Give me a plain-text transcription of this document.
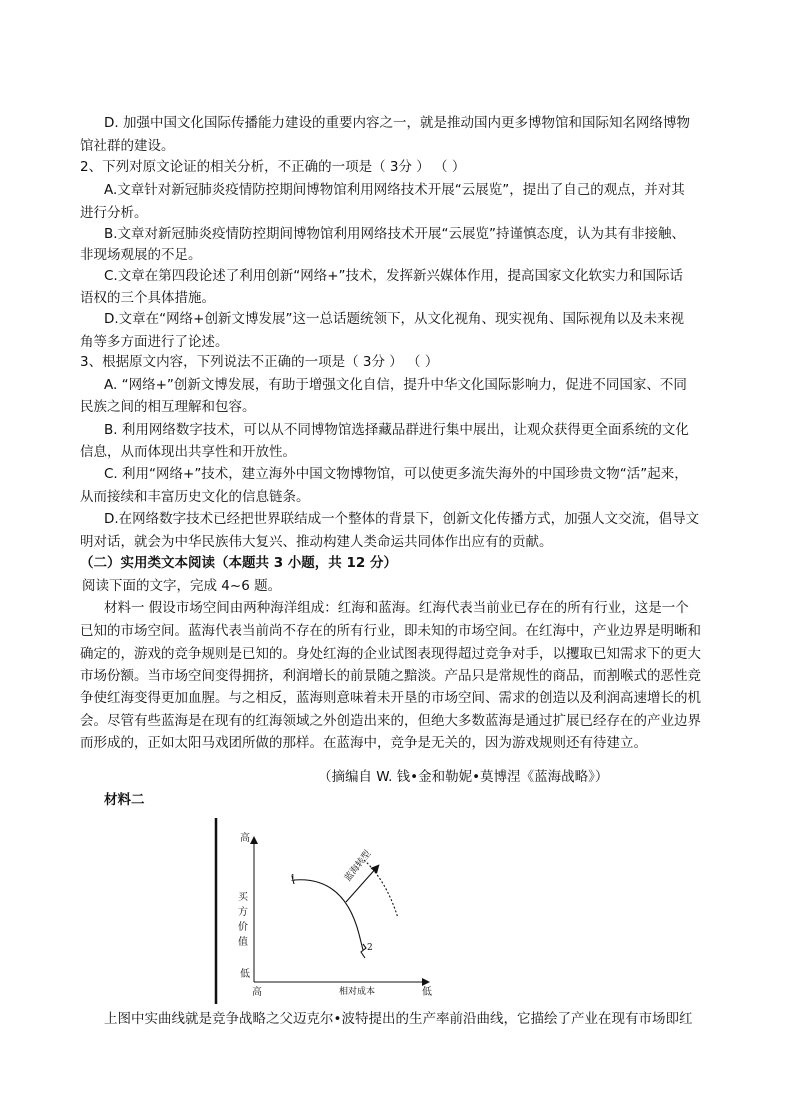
D. 加强中国文化国际传播能力建设的重要内容之一，就是推动国内更多博物馆和国际知名网络博物
馆社群的建设。
2、下列对原文论证的相关分析，不正确的一项是（ 3分 ） （ ）
A.文章针对新冠肺炎疫情防控期间博物馆利用网络技术开展“云展览”，提出了自己的观点，并对其
进行分析。
B.文章对新冠肺炎疫情防控期间博物馆利用网络技术开展“云展览”持谨慎态度，认为其有非接触、
非现场观展的不足。
C.文章在第四段论述了利用创新“网络+”技术，发挥新兴媒体作用，提高国家文化软实力和国际话
语权的三个具体措施。
D.文章在“网络+创新文博发展”这一总话题统领下，从文化视角、现实视角、国际视角以及未来视
角等多方面进行了论述。
3、根据原文内容，下列说法不正确的一项是（ 3分 ） （ ）
A. “网络+”创新文博发展，有助于增强文化自信，提升中华文化国际影响力，促进不同国家、不同
民族之间的相互理解和包容。
B. 利用网络数字技术，可以从不同博物馆选择藏品群进行集中展出，让观众获得更全面系统的文化
信息，从而体现出共享性和开放性。
C. 利用“网络+”技术，建立海外中国文物博物馆，可以使更多流失海外的中国珍贵文物“活”起来，
从而接续和丰富历史文化的信息链条。
D.在网络数字技术已经把世界联结成一个整体的背景下，创新文化传播方式，加强人文交流，倡导文
明对话，就会为中华民族伟大复兴、推动构建人类命运共同体作出应有的贡献。
（二）实用类文本阅读（本题共 3 小题，共 12 分）
阅读下面的文字，完成 4~6 题。
材料一 假设市场空间由两种海洋组成：红海和蓝海。红海代表当前业已存在的所有行业，这是一个
已知的市场空间。蓝海代表当前尚不存在的所有行业，即未知的市场空间。在红海中，产业边界是明晰和
确定的，游戏的竞争规则是已知的。身处红海的企业试图表现得超过竞争对手，以攫取已知需求下的更大
市场份额。当市场空间变得拥挤，利润增长的前景随之黯淡。产品只是常规性的商品，而割喉式的恶性竞
争使红海变得更加血腥。与之相反，蓝海则意味着未开垦的市场空间、需求的创造以及利润高速增长的机
会。尽管有些蓝海是在现有的红海领域之外创造出来的，但绝大多数蓝海是通过扩展已经存在的产业边界
而形成的，正如太阳马戏团所做的那样。在蓝海中，竞争是无关的，因为游戏规则还有待建立。
（摘编自 W. 钱•金和勒妮•莫博涅《蓝海战略》）
材料二
高
低
买方价值
高	低
相对成本
1
2
蓝海转型
上图中实曲线就是竞争战略之父迈克尔•波特提出的生产率前沿曲线，它描绘了产业在现有市场即红
